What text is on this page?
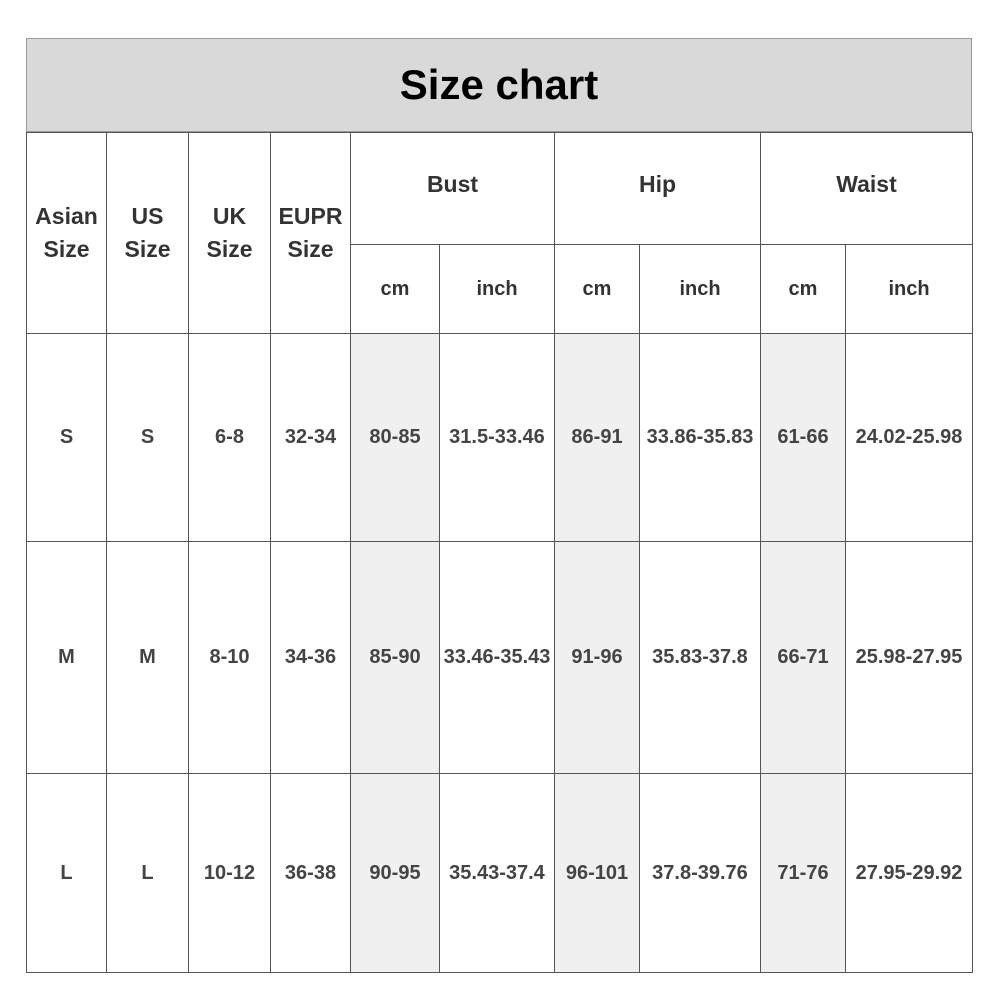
Size chart
Asian Size	US Size	UK Size	EUPR Size	Bust		Hip		Waist	
				cm	inch	cm	inch	cm	inch
S	S	6-8	32-34	80-85	31.5-33.46	86-91	33.86-35.83	61-66	24.02-25.98
M	M	8-10	34-36	85-90	33.46-35.43	91-96	35.83-37.8	66-71	25.98-27.95
L	L	10-12	36-38	90-95	35.43-37.4	96-101	37.8-39.76	71-76	27.95-29.92
